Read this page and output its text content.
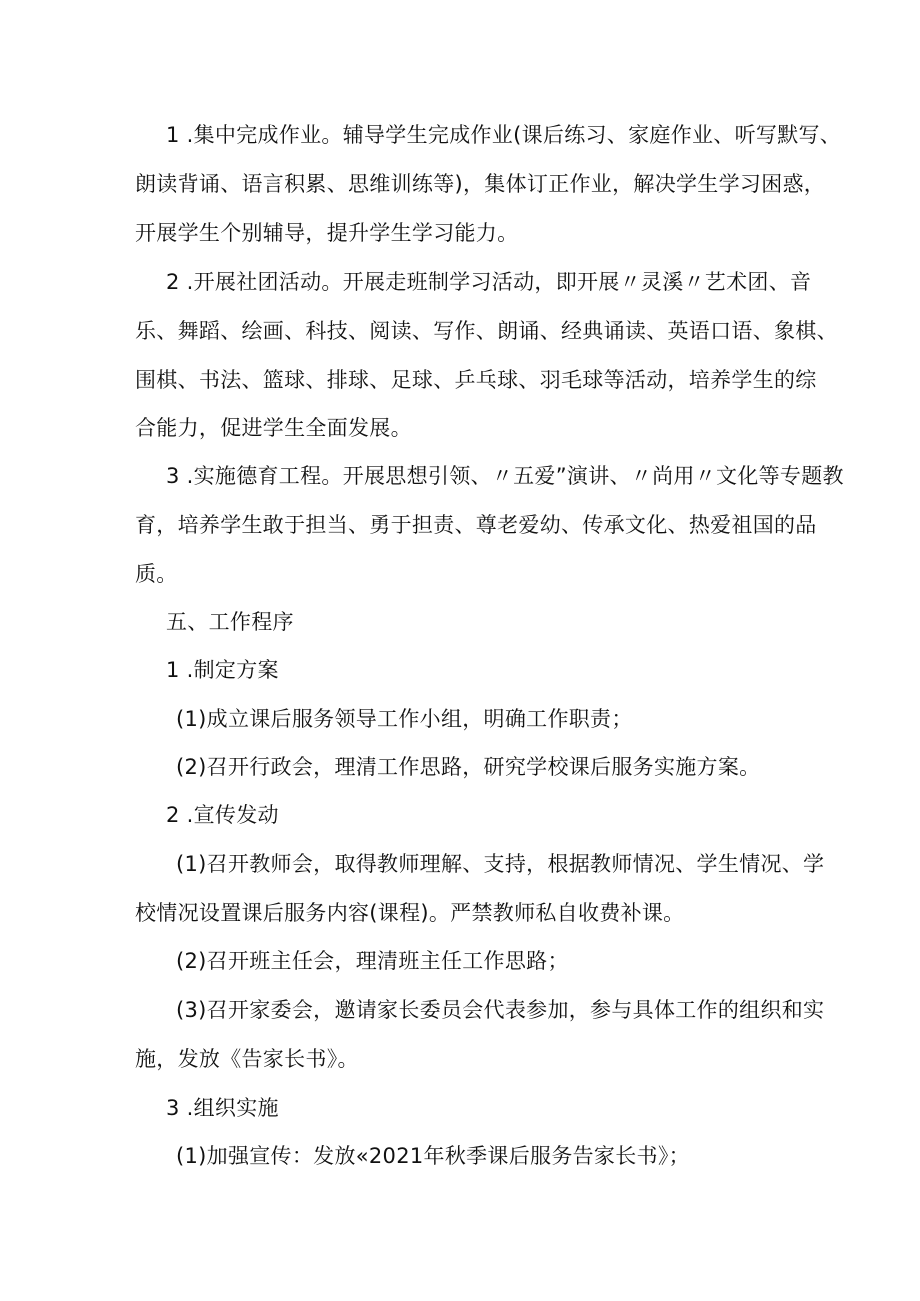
1 .集中完成作业。辅导学生完成作业(课后练习、家庭作业、听写默写、
朗读背诵、语言积累、思维训练等)，集体订正作业，解决学生学习困惑，
开展学生个别辅导，提升学生学习能力。
2 .开展社团活动。开展走班制学习活动，即开展〃灵溪〃艺术团、音
乐、舞蹈、绘画、科技、阅读、写作、朗诵、经典诵读、英语口语、象棋、
围棋、书法、篮球、排球、足球、乒乓球、羽毛球等活动，培养学生的综
合能力，促进学生全面发展。
3 .实施德育工程。开展思想引领、〃五爱”演讲、〃尚用〃文化等专题教
育，培养学生敢于担当、勇于担责、尊老爱幼、传承文化、热爱祖国的品
质。
五、工作程序
1 .制定方案
(1)成立课后服务领导工作小组，明确工作职责；
(2)召开行政会，理清工作思路，研究学校课后服务实施方案。
2 .宣传发动
(1)召开教师会，取得教师理解、支持，根据教师情况、学生情况、学
校情况设置课后服务内容(课程)。严禁教师私自收费补课。
(2)召开班主任会，理清班主任工作思路；
(3)召开家委会，邀请家长委员会代表参加，参与具体工作的组织和实
施，发放《告家长书》。
3 .组织实施
(1)加强宣传：发放«2021年秋季课后服务告家长书》；
